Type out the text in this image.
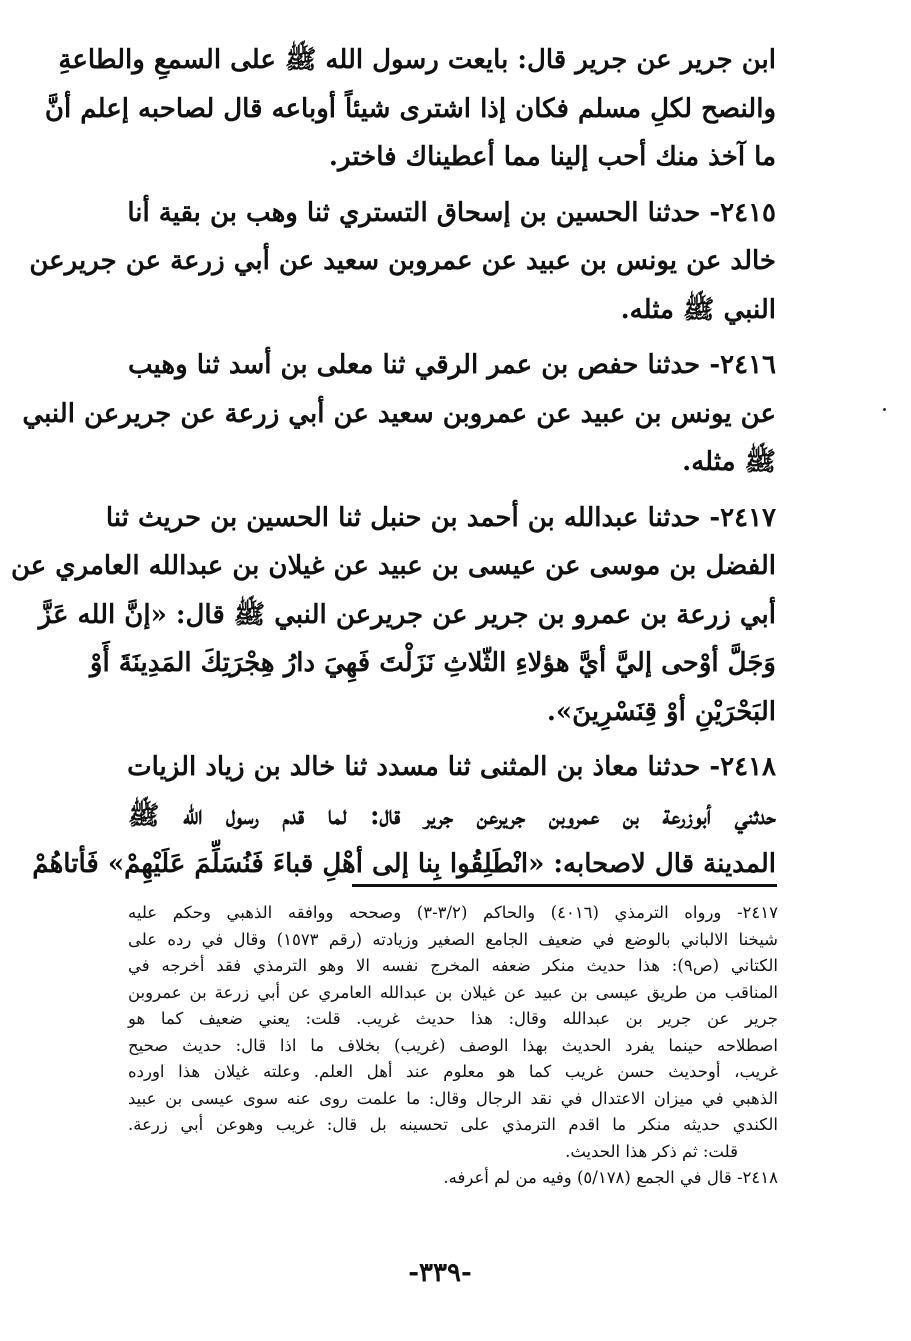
ابن جرير عن جرير قال: بايعت رسول الله ﷺ على السمعِ والطاعةِ
والنصح لكلِ مسلم فكان إذا اشترى شيئاً أوباعه قال لصاحبه إعلم أنَّ
ما آخذ منك أحب إلينا مما أعطيناك فاختر.
٢٤١٥- حدثنا الحسين بن إسحاق التستري ثنا وهب بن بقية أنا
خالد عن يونس بن عبيد عن عمروبن سعيد عن أبي زرعة عن جريرعن
النبي ﷺ مثله.
٢٤١٦- حدثنا حفص بن عمر الرقي ثنا معلى بن أسد ثنا وهيب
عن يونس بن عبيد عن عمروبن سعيد عن أبي زرعة عن جريرعن النبي
ﷺ مثله.
٢٤١٧- حدثنا عبدالله بن أحمد بن حنبل ثنا الحسين بن حريث ثنا
الفضل بن موسى عن عيسى بن عبيد عن غيلان بن عبدالله العامري عن
أبي زرعة بن عمرو بن جرير عن جريرعن النبي ﷺ قال: «إنَّ الله عَزَّ
وَجَلَّ أوْحى إليَّ أيَّ هؤلاءِ الثّلاثِ نَزَلْتَ فَهِيَ دارُ هِجْرَتِكَ المَدِينَةَ أَوْ
البَحْرَيْنِ أوْ قِنَسْرِينَ».
٢٤١٨- حدثنا معاذ بن المثنى ثنا مسدد ثنا خالد بن زياد الزيات
حدثني أبوزرعة بن عمروبن جريرعن جرير قال: لما قدم رسول الله ﷺ
المدينة قال لاصحابه: «انْطَلِقُوا بِنا إلى أهْلِ قباءَ فَنُسَلِّمَ عَلَيْهِمْ» فَأتاهُمْ
٢٤١٧- ورواه الترمذي (٤٠١٦) والحاكم (٣/٢-٣) وصححه ووافقه الذهبي وحكم عليه
شيخنا الالباني بالوضع في ضعيف الجامع الصغير وزيادته (رقم ١٥٧٣) وقال في رده على
الكتاني (ص٩): هذا حديث منكر ضعفه المخرج نفسه الا وهو الترمذي فقد أخرجه في
المناقب من طريق عيسى بن عبيد عن غيلان بن عبدالله العامري عن أبي زرعة بن عمروبن
جرير عن جرير بن عبدالله وقال: هذا حديث غريب. قلت: يعني ضعيف كما هو
اصطلاحه حينما يفرد الحديث بهذا الوصف (غريب) بخلاف ما اذا قال: حديث صحيح
غريب، أوحديث حسن غريب كما هو معلوم عند أهل العلم. وعلته غيلان هذا اورده
الذهبي في ميزان الاعتدال في نقد الرجال وقال: ما علمت روى عنه سوى عيسى بن عبيد
الكندي حديثه منكر ما اقدم الترمذي على تحسينه بل قال: غريب وهوعن أبي زرعة.
قلت: ثم ذكر هذا الحديث.
٢٤١٨- قال في الجمع (٥/١٧٨) وفيه من لم أعرفه.
-٣٣٩-
